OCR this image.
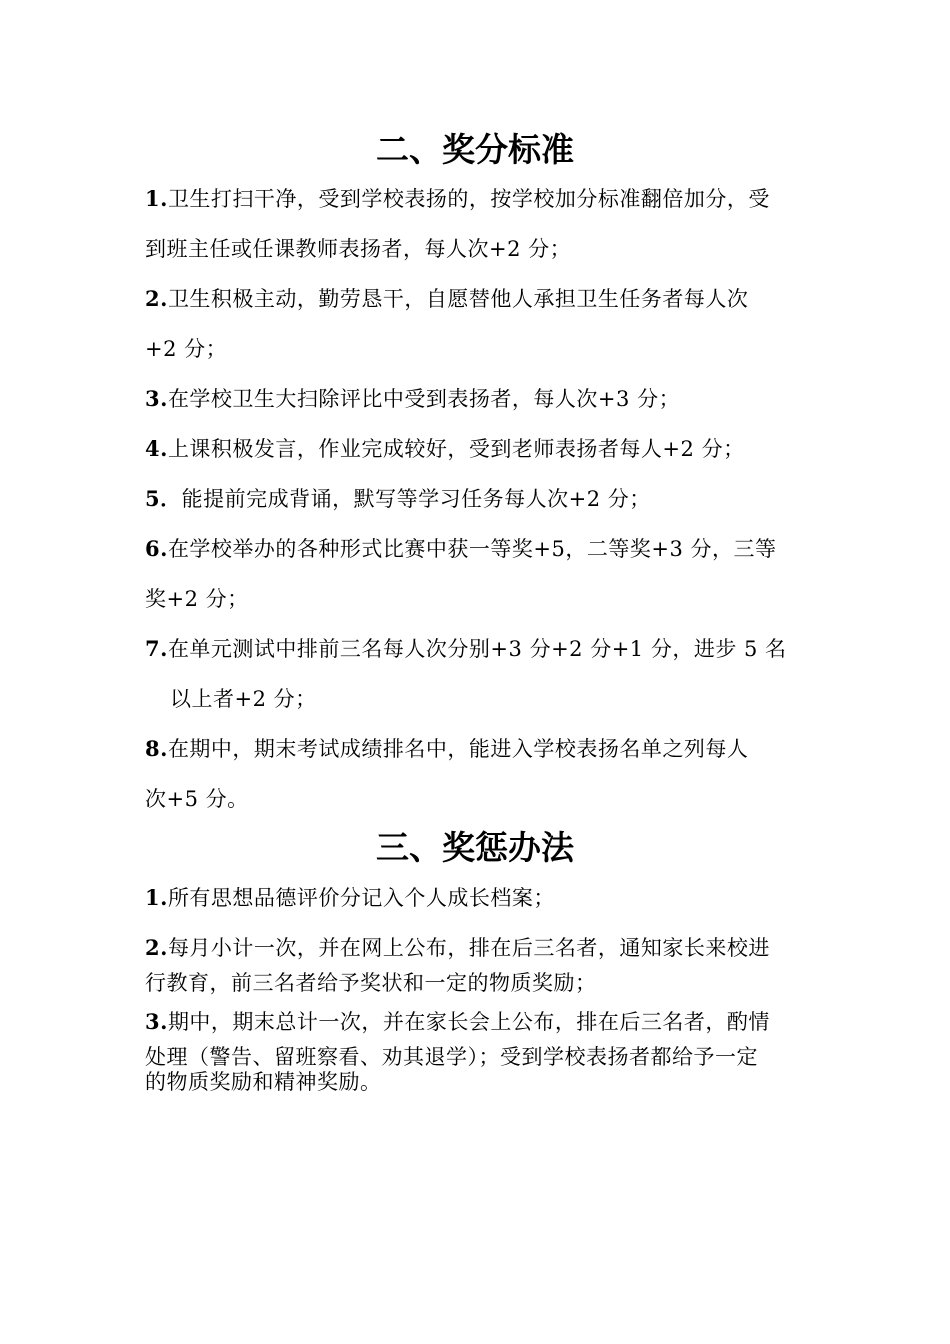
二、奖分标准
1.卫生打扫干净，受到学校表扬的，按学校加分标准翻倍加分，受
到班主任或任课教师表扬者，每人次+2 分；
2.卫生积极主动，勤劳恳干，自愿替他人承担卫生任务者每人次
+2 分；
3.在学校卫生大扫除评比中受到表扬者，每人次+3 分；
4.上课积极发言，作业完成较好，受到老师表扬者每人+2 分；
5．能提前完成背诵，默写等学习任务每人次+2 分；
6.在学校举办的各种形式比赛中获一等奖+5，二等奖+3 分，三等
奖+2 分；
7.在单元测试中排前三名每人次分别+3 分+2 分+1 分，进步 5 名
以上者+2 分；
8.在期中，期末考试成绩排名中，能进入学校表扬名单之列每人
次+5 分。
三、奖惩办法
1.所有思想品德评价分记入个人成长档案；
2.每月小计一次，并在网上公布，排在后三名者，通知家长来校进
行教育，前三名者给予奖状和一定的物质奖励；
3.期中，期末总计一次，并在家长会上公布，排在后三名者，酌情
处理（警告、留班察看、劝其退学）；受到学校表扬者都给予一定
的物质奖励和精神奖励。
